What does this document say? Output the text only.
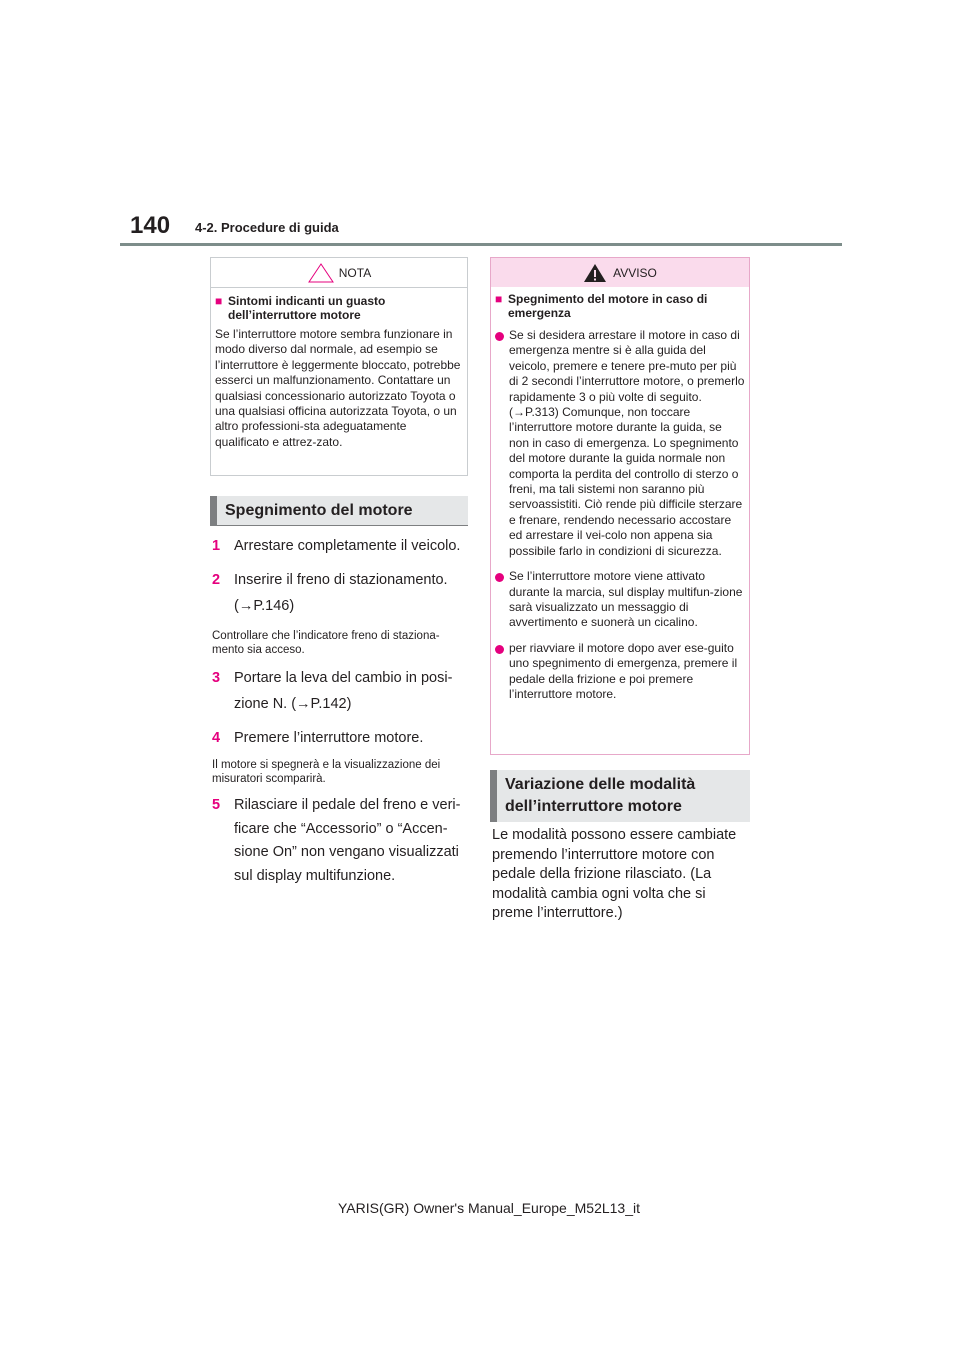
140 4-2. Procedure di guida
NOTA
■ Sintomi indicanti un guasto dell’interruttore motore
Se l’interruttore motore sembra funzionare in modo diverso dal normale, ad esempio se l’interruttore è leggermente bloccato, potrebbe esserci un malfunzionamento. Contattare un qualsiasi concessionario autorizzato Toyota o una qualsiasi officina autorizzata Toyota, o un altro professioni-sta adeguatamente qualificato e attrez-zato.
Spegnimento del motore
1 Arrestare completamente il veicolo.
2 Inserire il freno di stazionamento. (→P.146)
Controllare che l’indicatore freno di staziona-mento sia acceso.
3 Portare la leva del cambio in posi-zione N. (→P.142)
4 Premere l’interruttore motore.
Il motore si spegnerà e la visualizzazione dei misuratori scomparirà.
5 Rilasciare il pedale del freno e veri-ficare che “Accessorio” o “Accen-sione On” non vengano visualizzati sul display multifunzione.
AVVISO
■ Spegnimento del motore in caso di emergenza
Se si desidera arrestare il motore in caso di emergenza mentre si è alla guida del veicolo, premere e tenere pre-muto per più di 2 secondi l’interruttore motore, o premerlo rapidamente 3 o più volte di seguito. (→P.313) Comunque, non toccare l’interruttore motore durante la guida, se non in caso di emergenza. Lo spegnimento del motore durante la guida normale non comporta la perdita del controllo di sterzo o freni, ma tali sistemi non saranno più servoassistiti. Ciò rende più difficile sterzare e frenare, rendendo necessario accostare ed arrestare il vei-colo non appena sia possibile farlo in condizioni di sicurezza.
Se l’interruttore motore viene attivato durante la marcia, sul display multifun-zione sarà visualizzato un messaggio di avvertimento e suonerà un cicalino.
per riavviare il motore dopo aver ese-guito uno spegnimento di emergenza, premere il pedale della frizione e poi premere l’interruttore motore.
Variazione delle modalità dell’interruttore motore
Le modalità possono essere cambiate premendo l’interruttore motore con pedale della frizione rilasciato. (La modalità cambia ogni volta che si preme l’interruttore.)
YARIS(GR) Owner's Manual_Europe_M52L13_it
